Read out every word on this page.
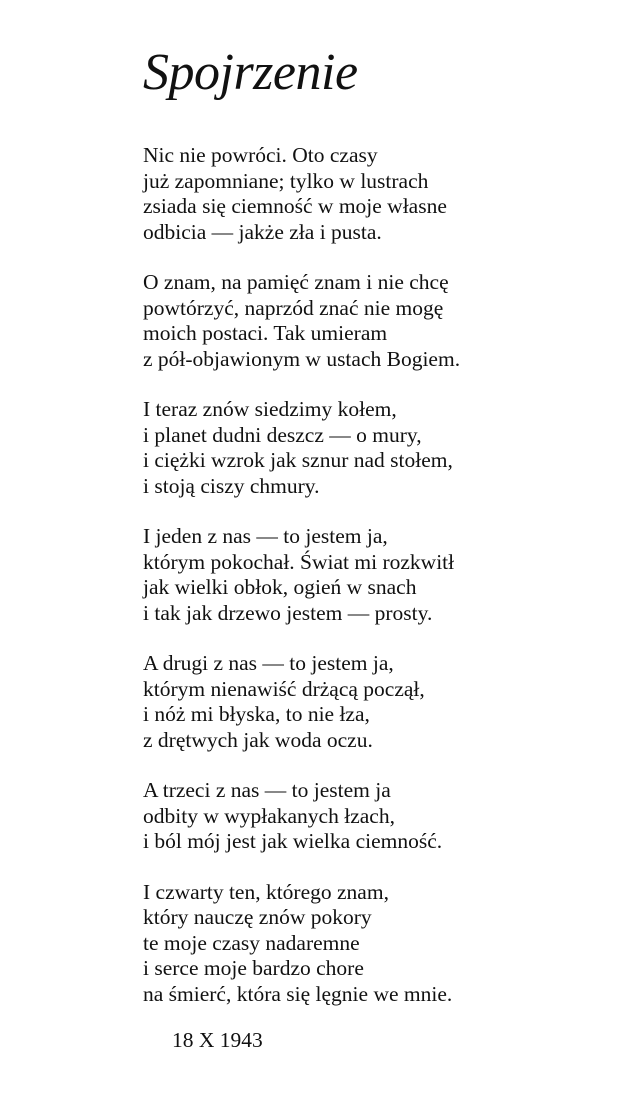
Spojrzenie
Nic nie powróci. Oto czasy
już zapomniane; tylko w lustrach
zsiada się ciemność w moje własne
odbicia — jakże zła i pusta.
O znam, na pamięć znam i nie chcę
powtórzyć, naprzód znać nie mogę
moich postaci. Tak umieram
z pół-objawionym w ustach Bogiem.
I teraz znów siedzimy kołem,
i planet dudni deszcz — o mury,
i ciężki wzrok jak sznur nad stołem,
i stoją ciszy chmury.
I jeden z nas — to jestem ja,
którym pokochał. Świat mi rozkwitł
jak wielki obłok, ogień w snach
i tak jak drzewo jestem — prosty.
A drugi z nas — to jestem ja,
którym nienawiść drżącą począł,
i nóż mi błyska, to nie łza,
z drętwych jak woda oczu.
A trzeci z nas — to jestem ja
odbity w wypłakanych łzach,
i ból mój jest jak wielka ciemność.
I czwarty ten, którego znam,
który nauczę znów pokory
te moje czasy nadaremne
i serce moje bardzo chore
na śmierć, która się lęgnie we mnie.
18 X 1943
